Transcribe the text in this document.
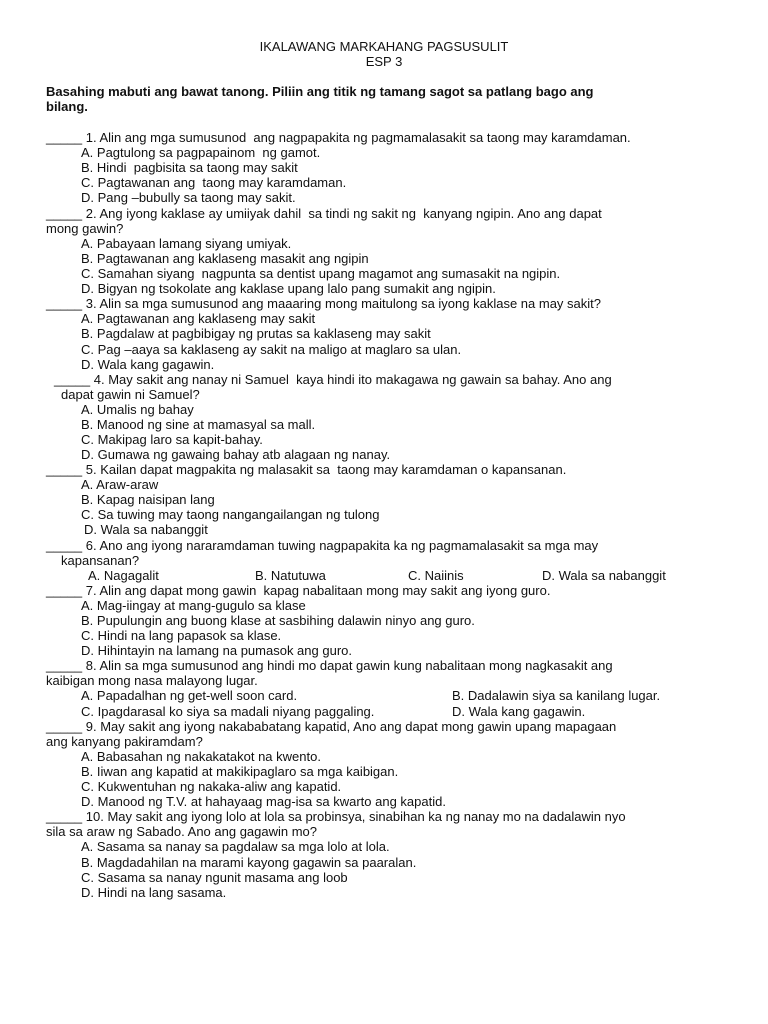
IKALAWANG MARKAHANG PAGSUSULIT
ESP 3
Basahing mabuti ang bawat tanong. Piliin ang titik ng tamang sagot sa patlang bago ang
bilang.
_____ 1. Alin ang mga sumusunod  ang nagpapakita ng pagmamalasakit sa taong may karamdaman.
A. Pagtulong sa pagpapainom  ng gamot.
B. Hindi  pagbisita sa taong may sakit
C. Pagtawanan ang  taong may karamdaman.
D. Pang –bubully sa taong may sakit.
_____ 2. Ang iyong kaklase ay umiiyak dahil  sa tindi ng sakit ng  kanyang ngipin. Ano ang dapat
mong gawin?
A. Pabayaan lamang siyang umiyak.
B. Pagtawanan ang kaklaseng masakit ang ngipin
C. Samahan siyang  nagpunta sa dentist upang magamot ang sumasakit na ngipin.
D. Bigyan ng tsokolate ang kaklase upang lalo pang sumakit ang ngipin.
_____ 3. Alin sa mga sumusunod ang maaaring mong maitulong sa iyong kaklase na may sakit?
A. Pagtawanan ang kaklaseng may sakit
B. Pagdalaw at pagbibigay ng prutas sa kaklaseng may sakit
C. Pag –aaya sa kaklaseng ay sakit na maligo at maglaro sa ulan.
D. Wala kang gagawin.
_____ 4. May sakit ang nanay ni Samuel  kaya hindi ito makagawa ng gawain sa bahay. Ano ang
dapat gawin ni Samuel?
A. Umalis ng bahay
B. Manood ng sine at mamasyal sa mall.
C. Makipag laro sa kapit-bahay.
D. Gumawa ng gawaing bahay atb alagaan ng nanay.
_____ 5. Kailan dapat magpakita ng malasakit sa  taong may karamdaman o kapansanan.
A. Araw-araw
B. Kapag naisipan lang
C. Sa tuwing may taong nangangailangan ng tulong
D. Wala sa nabanggit
_____ 6. Ano ang iyong nararamdaman tuwing nagpapakita ka ng pagmamalasakit sa mga may
kapansanan?
A. Nagagalit	B. Natutuwa	C. Naiinis	D. Wala sa nabanggit
_____ 7. Alin ang dapat mong gawin  kapag nabalitaan mong may sakit ang iyong guro.
A. Mag-iingay at mang-gugulo sa klase
B. Pupulungin ang buong klase at sasbihing dalawin ninyo ang guro.
C. Hindi na lang papasok sa klase.
D. Hihintayin na lamang na pumasok ang guro.
_____ 8. Alin sa mga sumusunod ang hindi mo dapat gawin kung nabalitaan mong nagkasakit ang
kaibigan mong nasa malayong lugar.
A. Papadalhan ng get-well soon card.	B. Dadalawin siya sa kanilang lugar.
C. Ipagdarasal ko siya sa madali niyang paggaling.	D. Wala kang gagawin.
_____ 9. May sakit ang iyong nakababatang kapatid, Ano ang dapat mong gawin upang mapagaan
ang kanyang pakiramdam?
A. Babasahan ng nakakatakot na kwento.
B. Iiwan ang kapatid at makikipaglaro sa mga kaibigan.
C. Kukwentuhan ng nakaka-aliw ang kapatid.
D. Manood ng T.V. at hahayaag mag-isa sa kwarto ang kapatid.
_____ 10. May sakit ang iyong lolo at lola sa probinsya, sinabihan ka ng nanay mo na dadalawin nyo
sila sa araw ng Sabado. Ano ang gagawin mo?
A. Sasama sa nanay sa pagdalaw sa mga lolo at lola.
B. Magdadahilan na marami kayong gagawin sa paaralan.
C. Sasama sa nanay ngunit masama ang loob
D. Hindi na lang sasama.
